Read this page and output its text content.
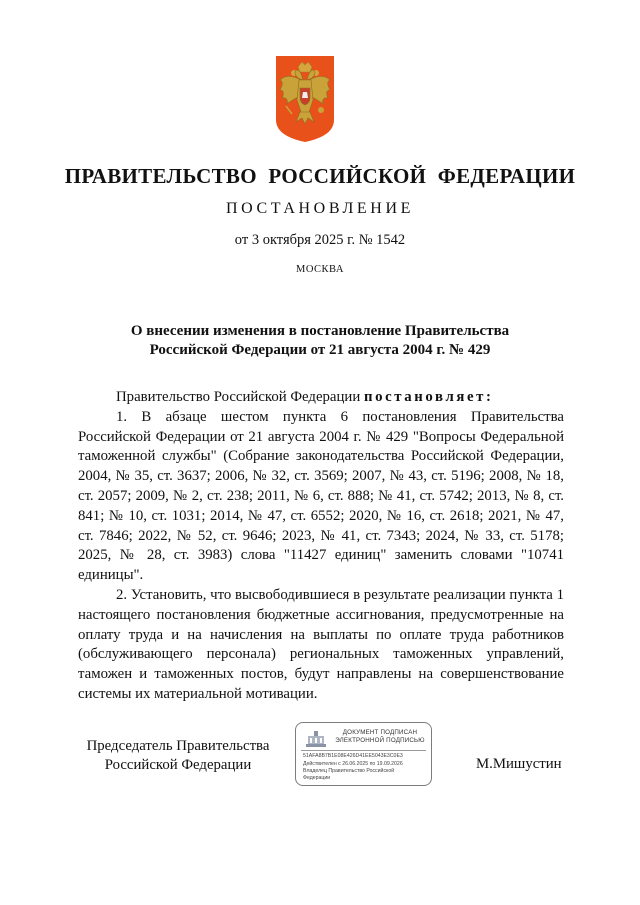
ПРАВИТЕЛЬСТВО РОССИЙСКОЙ ФЕДЕРАЦИИ
ПОСТАНОВЛЕНИЕ
от 3 октября 2025 г. № 1542
МОСКВА
О внесении изменения в постановление Правительства
Российской Федерации от 21 августа 2004 г. № 429

Правительство Российской Федерации постановляет:

1. В абзаце шестом пункта 6 постановления Правительства Российской Федерации от 21 августа 2004 г. № 429 "Вопросы Федеральной таможенной службы" (Собрание законодательства Российской Федерации, 2004, № 35, ст. 3637; 2006, № 32, ст. 3569; 2007, № 43, ст. 5196; 2008, № 18, ст. 2057; 2009, № 2, ст. 238; 2011, № 6, ст. 888; № 41, ст. 5742; 2013, № 8, ст. 841; № 10, ст. 1031; 2014, № 47, ст. 6552; 2020, № 16, ст. 2618; 2021, № 47, ст. 7846; 2022, № 52, ст. 9646; 2023, № 41, ст. 7343; 2024, № 33, ст. 5178; 2025, № 28, ст. 3983) слова "11427 единиц" заменить словами "10741 единицы".

2. Установить, что высвободившиеся в результате реализации пункта 1 настоящего постановления бюджетные ассигнования, предусмотренные на оплату труда и на начисления на выплаты по оплате труда работников (обслуживающего персонала) региональных таможенных управлений, таможен и таможенных постов, будут направлены на совершенствование системы их материальной мотивации.

Председатель Правительства
Российской Федерации
ДОКУМЕНТ ПОДПИСАН
ЭЛЕКТРОННОЙ ПОДПИСЬЮ
51AFA8B7B1E08E426D41EE5043E3C0E3
Действителен с 26.06.2025 по 19.09.2026
Владелец Правительство Российской
Федерации
М.Мишустин
